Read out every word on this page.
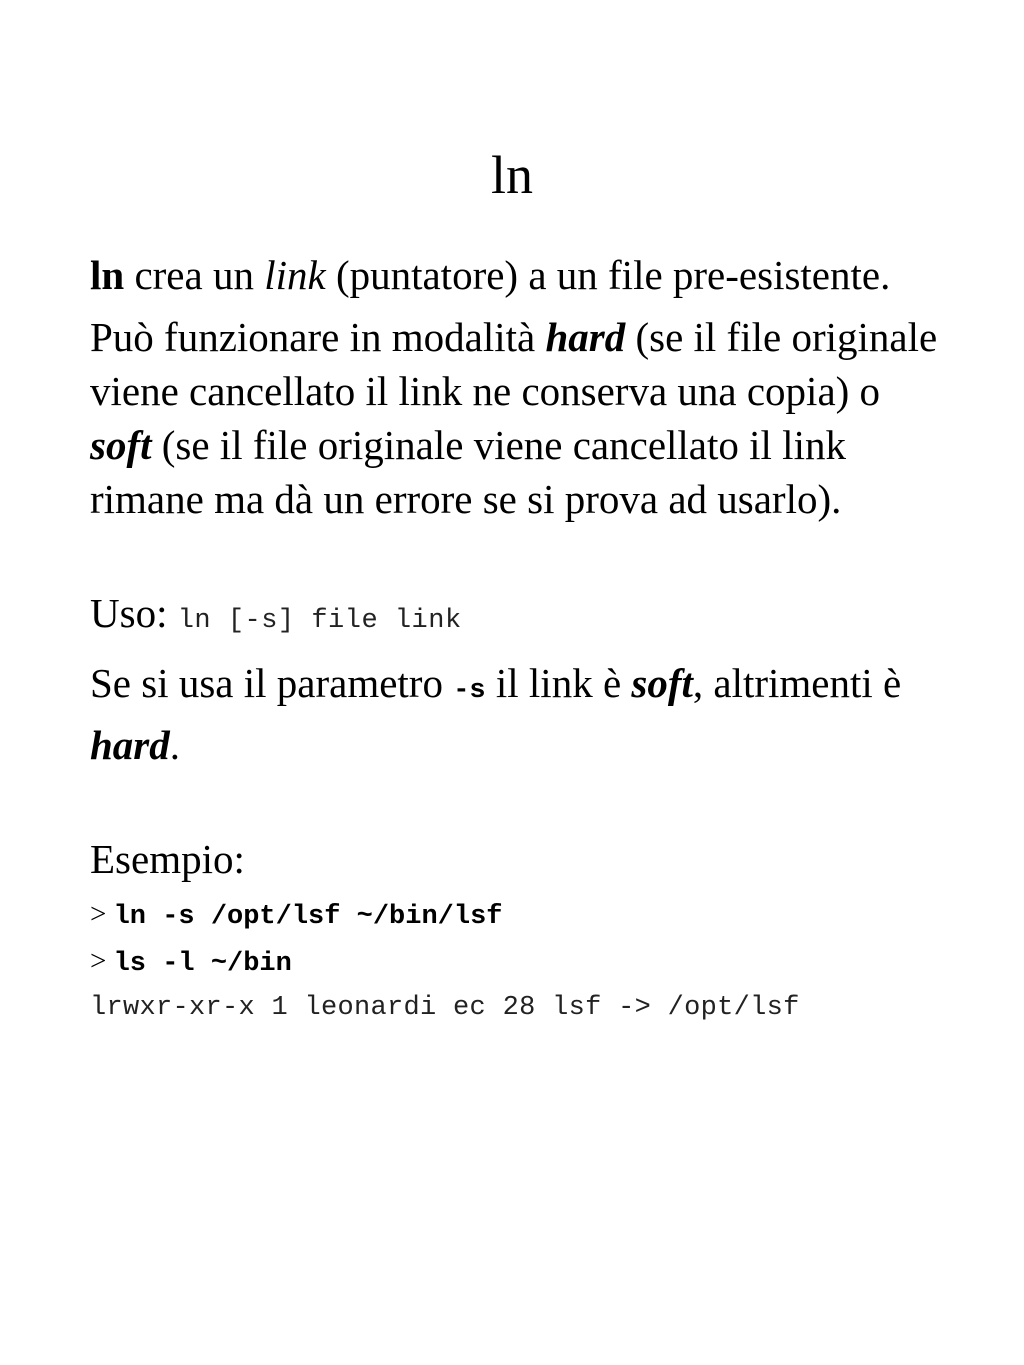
ln

ln crea un link (puntatore) a un file pre-esistente.

Può funzionare in modalità hard (se il file originale viene cancellato il link ne conserva una copia) o soft (se il file originale viene cancellato il link rimane ma dà un errore se si prova ad usarlo).

Uso: ln [-s] file link

Se si usa il parametro -s il link è soft, altrimenti è hard.

Esempio:

> ln -s /opt/lsf ~/bin/lsf

> ls -l ~/bin

lrwxr-xr-x 1 leonardi ec 28 lsf -> /opt/lsf
